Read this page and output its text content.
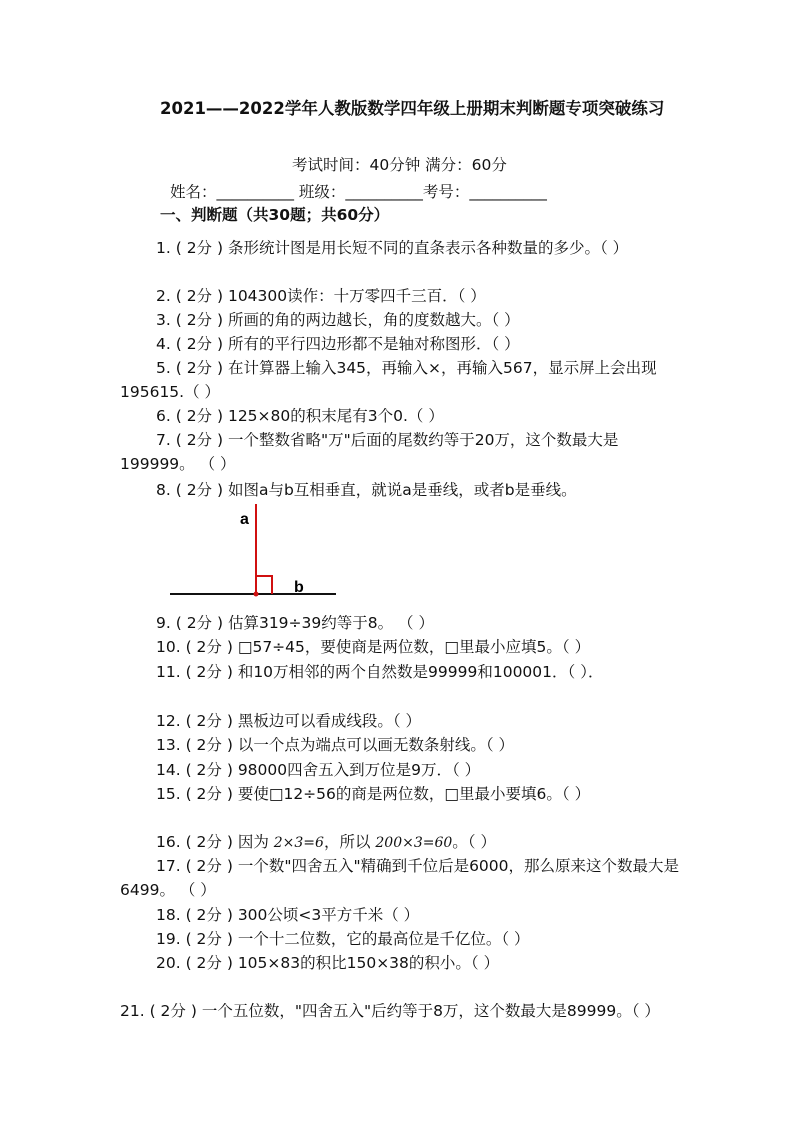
2021——2022学年人教版数学四年级上册期末判断题专项突破练习
考试时间：40分钟 满分：60分
姓名：__________ 班级：__________考号：__________
一、判断题（共30题；共60分）
1. ( 2分 ) 条形统计图是用长短不同的直条表示各种数量的多少。（ ）
2. ( 2分 ) 104300读作：十万零四千三百．（ ）
3. ( 2分 ) 所画的角的两边越长，角的度数越大。（ ）
4. ( 2分 ) 所有的平行四边形都不是轴对称图形．（ ）
5. ( 2分 ) 在计算器上输入345，再输入×，再输入567，显示屏上会出现195615.（ ）
6. ( 2分 ) 125×80的积末尾有3个0.（ ）
7. ( 2分 ) 一个整数省略"万"后面的尾数约等于20万，这个数最大是199999。 （ ）
8. ( 2分 ) 如图a与b互相垂直，就说a是垂线，或者b是垂线。
a
b
9. ( 2分 ) 估算319÷39约等于8。 （ ）
10. ( 2分 ) □57÷45，要使商是两位数，□里最小应填5。（ ）
11. ( 2分 ) 和10万相邻的两个自然数是99999和100001．（ ）．
12. ( 2分 ) 黑板边可以看成线段。（ ）
13. ( 2分 ) 以一个点为端点可以画无数条射线。（ ）
14. ( 2分 ) 98000四舍五入到万位是9万．（ ）
15. ( 2分 ) 要使□12÷56的商是两位数，□里最小要填6。（ ）
16. ( 2分 ) 因为 2×3=6，所以 200×3=60。（ ）
17. ( 2分 ) 一个数"四舍五入"精确到千位后是6000，那么原来这个数最大是6499。 （ ）
18. ( 2分 ) 300公顷<3平方千米（ ）
19. ( 2分 ) 一个十二位数，它的最高位是千亿位。（ ）
20. ( 2分 ) 105×83的积比150×38的积小。（ ）
21. ( 2分 ) 一个五位数，"四舍五入"后约等于8万，这个数最大是89999。（ ）
